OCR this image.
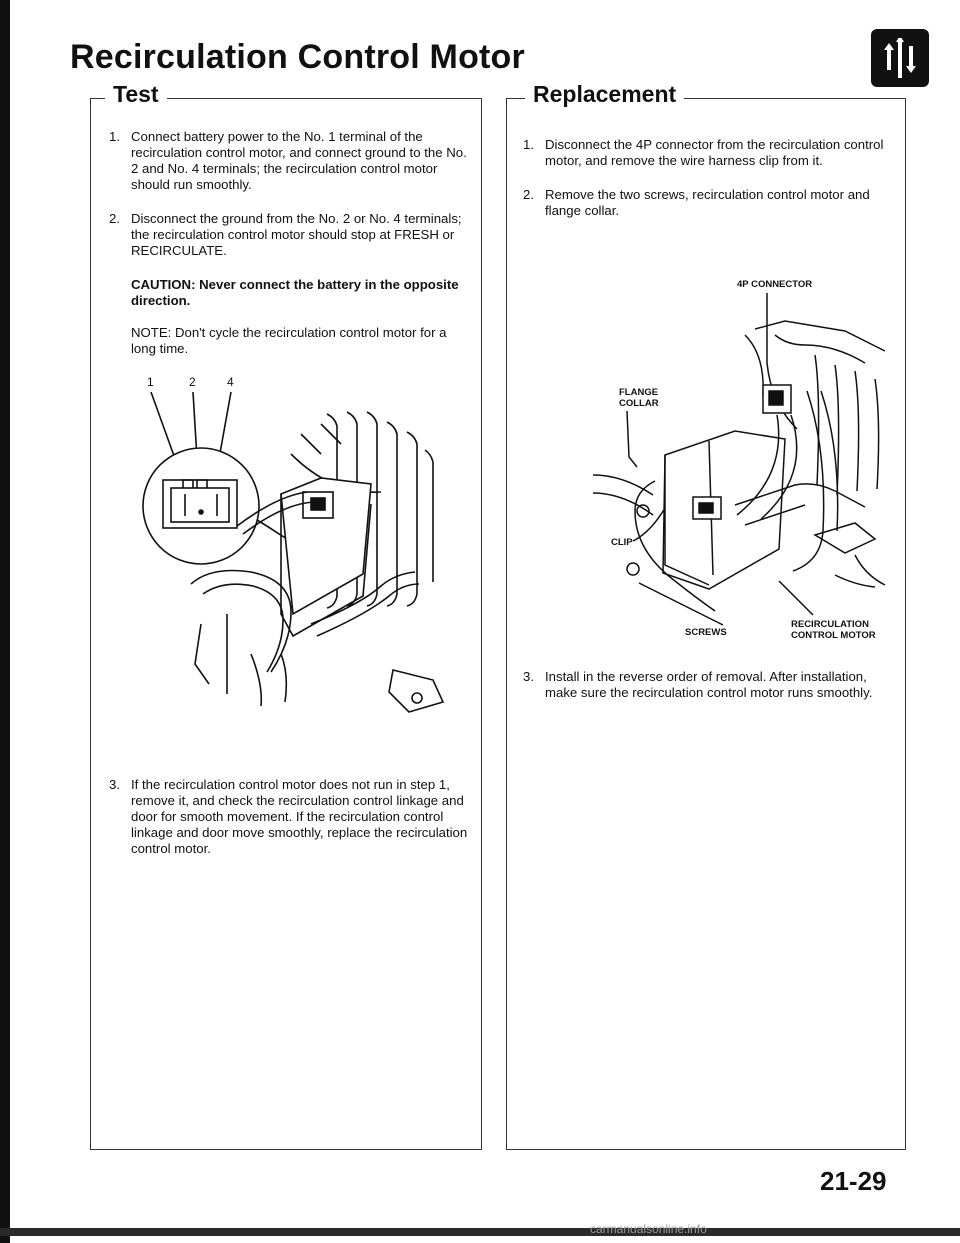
Recirculation Control Motor
Test
1. Connect battery power to the No. 1 terminal of the recirculation control motor, and connect ground to the No. 2 and No. 4 terminals; the recirculation control motor should run smoothly.
2. Disconnect the ground from the No. 2 or No. 4 terminals; the recirculation control motor should stop at FRESH or RECIRCULATE.

CAUTION: Never connect the battery in the opposite direction.

NOTE: Don't cycle the recirculation control motor for a long time.

1	2	4
3. If the recirculation control motor does not run in step 1, remove it, and check the recirculation control linkage and door for smooth movement. If the recirculation control linkage and door move smoothly, replace the recirculation control motor.
Replacement
1. Disconnect the 4P connector from the recirculation control motor, and remove the wire harness clip from it.
2. Remove the two screws, recirculation control motor and flange collar.
4P CONNECTOR
FLANGE
COLLAR
CLIP
SCREWS
RECIRCULATION
CONTROL MOTOR
3. Install in the reverse order of removal. After installation, make sure the recirculation control motor runs smoothly.

21-29

carmanualsonline.info
